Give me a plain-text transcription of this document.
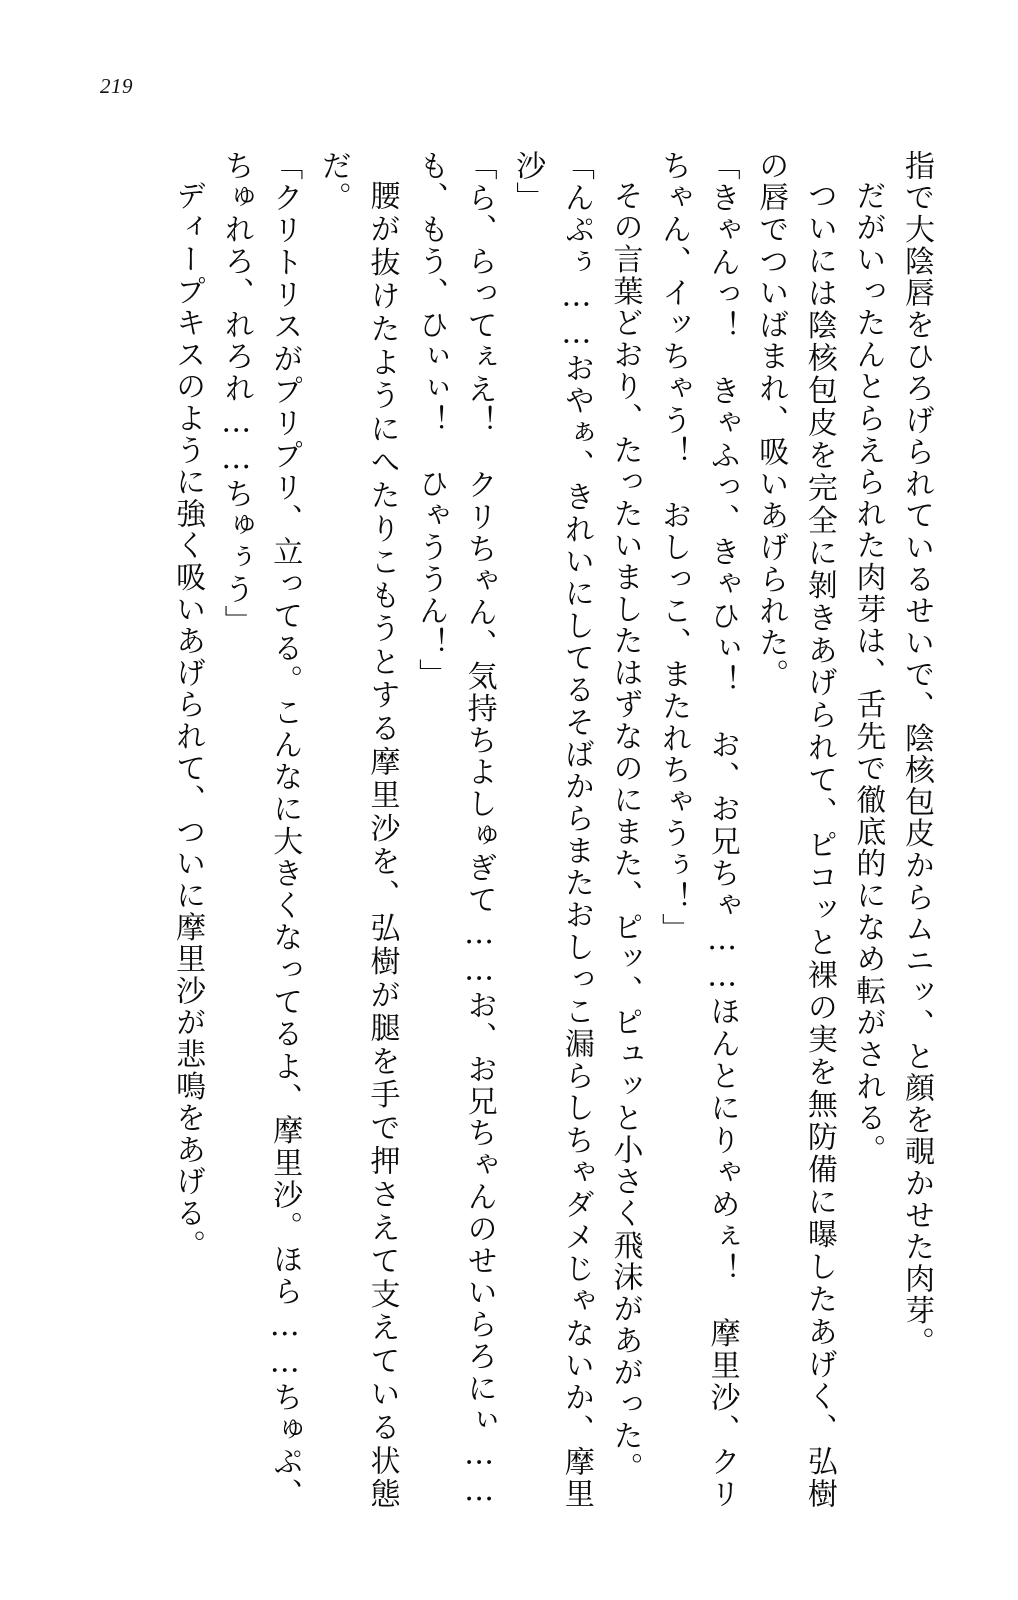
219

指で大陰唇をひろげられているせいで、陰核包皮からムニッ、と顔を覗かせた肉芽。

だがいったんとらえられた肉芽は、舌先で徹底的になめ転がされる。

ついには陰核包皮を完全に剝きあげられて、ピコッと裸の実を無防備に曝したあげく、弘樹の唇でついばまれ、吸いあげられた。

「きゃんっ！　きゃふっ、きゃひぃ！　お、お兄ちゃ……ほんとにりゃめぇ！　摩里沙、クリちゃん、イッちゃう！　おしっこ、またれちゃうぅ！」

その言葉どおり、たったいましたはずなのにまた、ピッ、ピュッと小さく飛沫があがった。

「んぷぅ……おやぁ、きれいにしてるそばからまたおしっこ漏らしちゃダメじゃないか、摩里沙」

「ら、らってぇえ！　クリちゃん、気持ちよしゅぎて……お、お兄ちゃんのせいらろにぃ……も、もう、ひぃぃ！　ひゃううん！」

腰が抜けたようにへたりこもうとする摩里沙を、弘樹が腿を手で押さえて支えている状態だ。

「クリトリスがプリプリ、立ってる。こんなに大きくなってるよ、摩里沙。ほら……ちゅぷ、ちゅれろ、れろれ……ちゅぅう」

ディープキスのように強く吸いあげられて、ついに摩里沙が悲鳴をあげる。
